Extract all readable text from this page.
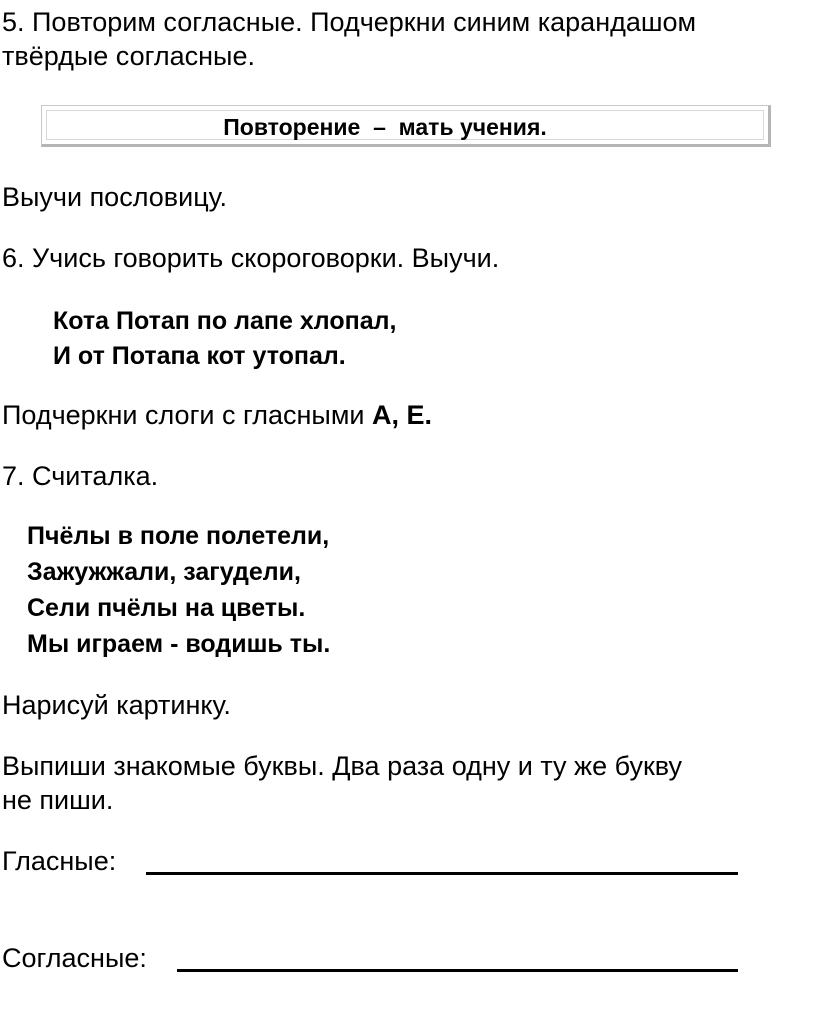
5. Повторим согласные. Подчеркни синим карандашом
твёрдые согласные.
Повторение  –  мать учения.
Выучи пословицу.
6. Учись говорить скороговорки. Выучи.
Кота Потап по лапе хлопал,
И от Потапа кот утопал.
Подчеркни слоги с гласными А, Е.
7. Считалка.
Пчёлы в поле полетели,
Зажужжали, загудели,
Сели пчёлы на цветы.
Мы играем - водишь ты.
Нарисуй картинку.
Выпиши знакомые буквы. Два раза одну и ту же букву
не пиши.
Гласные:
Согласные:
